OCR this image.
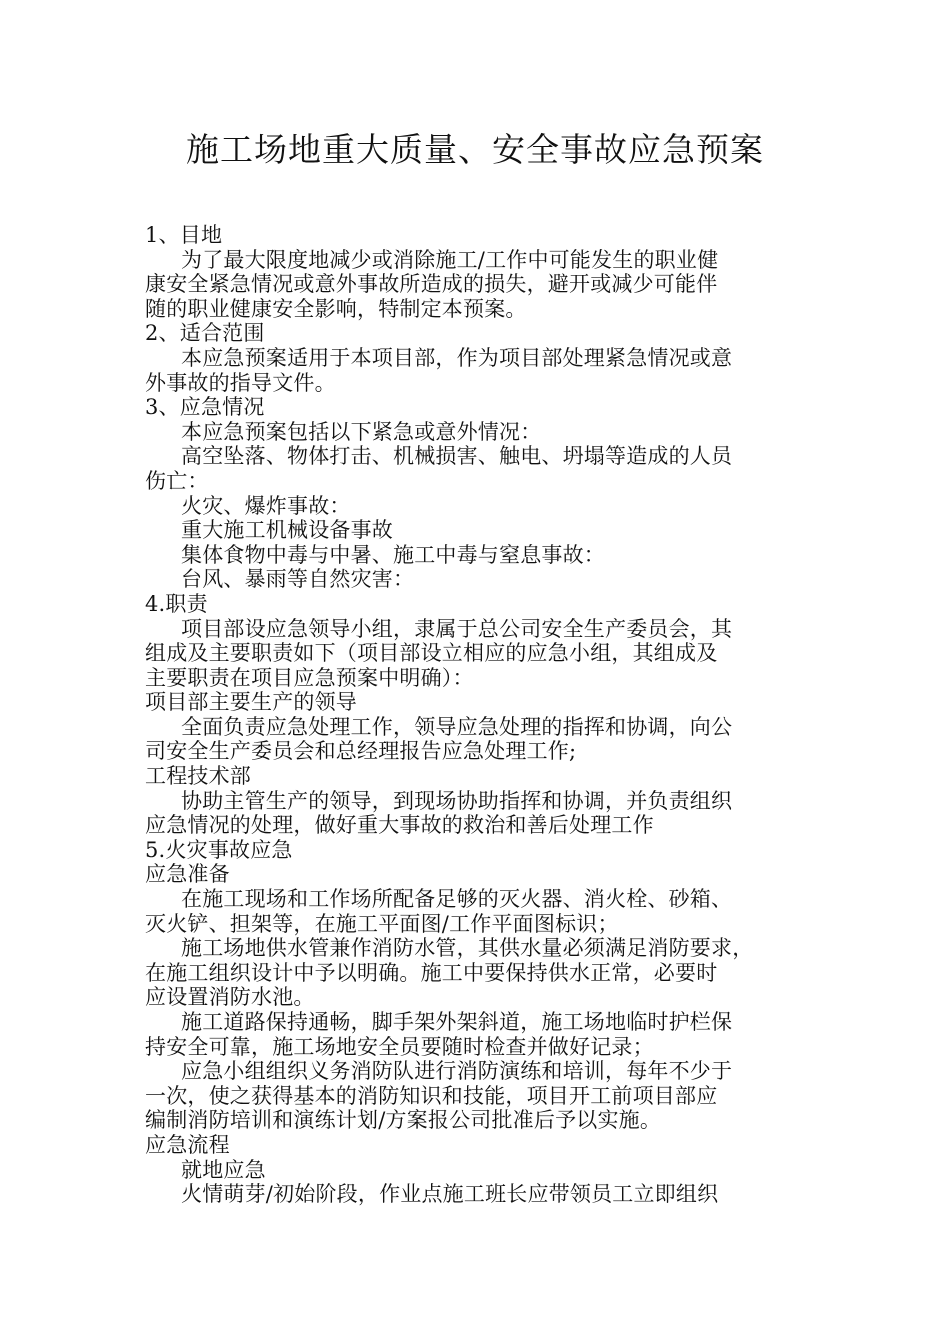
施工场地重大质量、安全事故应急预案
1、目地
为了最大限度地减少或消除施工/工作中可能发生的职业健
康安全紧急情况或意外事故所造成的损失，避开或减少可能伴
随的职业健康安全影响，特制定本预案。
2、适合范围
本应急预案适用于本项目部，作为项目部处理紧急情况或意
外事故的指导文件。
3、应急情况
本应急预案包括以下紧急或意外情况：
高空坠落、物体打击、机械损害、触电、坍塌等造成的人员
伤亡：
火灾、爆炸事故：
重大施工机械设备事故
集体食物中毒与中暑、施工中毒与窒息事故：
台风、暴雨等自然灾害：
4.职责
项目部设应急领导小组，隶属于总公司安全生产委员会，其
组成及主要职责如下（项目部设立相应的应急小组，其组成及
主要职责在项目应急预案中明确）：
项目部主要生产的领导
全面负责应急处理工作，领导应急处理的指挥和协调，向公
司安全生产委员会和总经理报告应急处理工作;
工程技术部
协助主管生产的领导，到现场协助指挥和协调，并负责组织
应急情况的处理，做好重大事故的救治和善后处理工作
5.火灾事故应急
应急准备
在施工现场和工作场所配备足够的灭火器、消火栓、砂箱、
灭火铲、担架等，在施工平面图/工作平面图标识；
施工场地供水管兼作消防水管，其供水量必须满足消防要求，
在施工组织设计中予以明确。施工中要保持供水正常，必要时
应设置消防水池。
施工道路保持通畅，脚手架外架斜道，施工场地临时护栏保
持安全可靠，施工场地安全员要随时检查并做好记录；
应急小组组织义务消防队进行消防演练和培训，每年不少于
一次，使之获得基本的消防知识和技能，项目开工前项目部应
编制消防培训和演练计划/方案报公司批准后予以实施。
应急流程
就地应急
火情萌芽/初始阶段，作业点施工班长应带领员工立即组织
